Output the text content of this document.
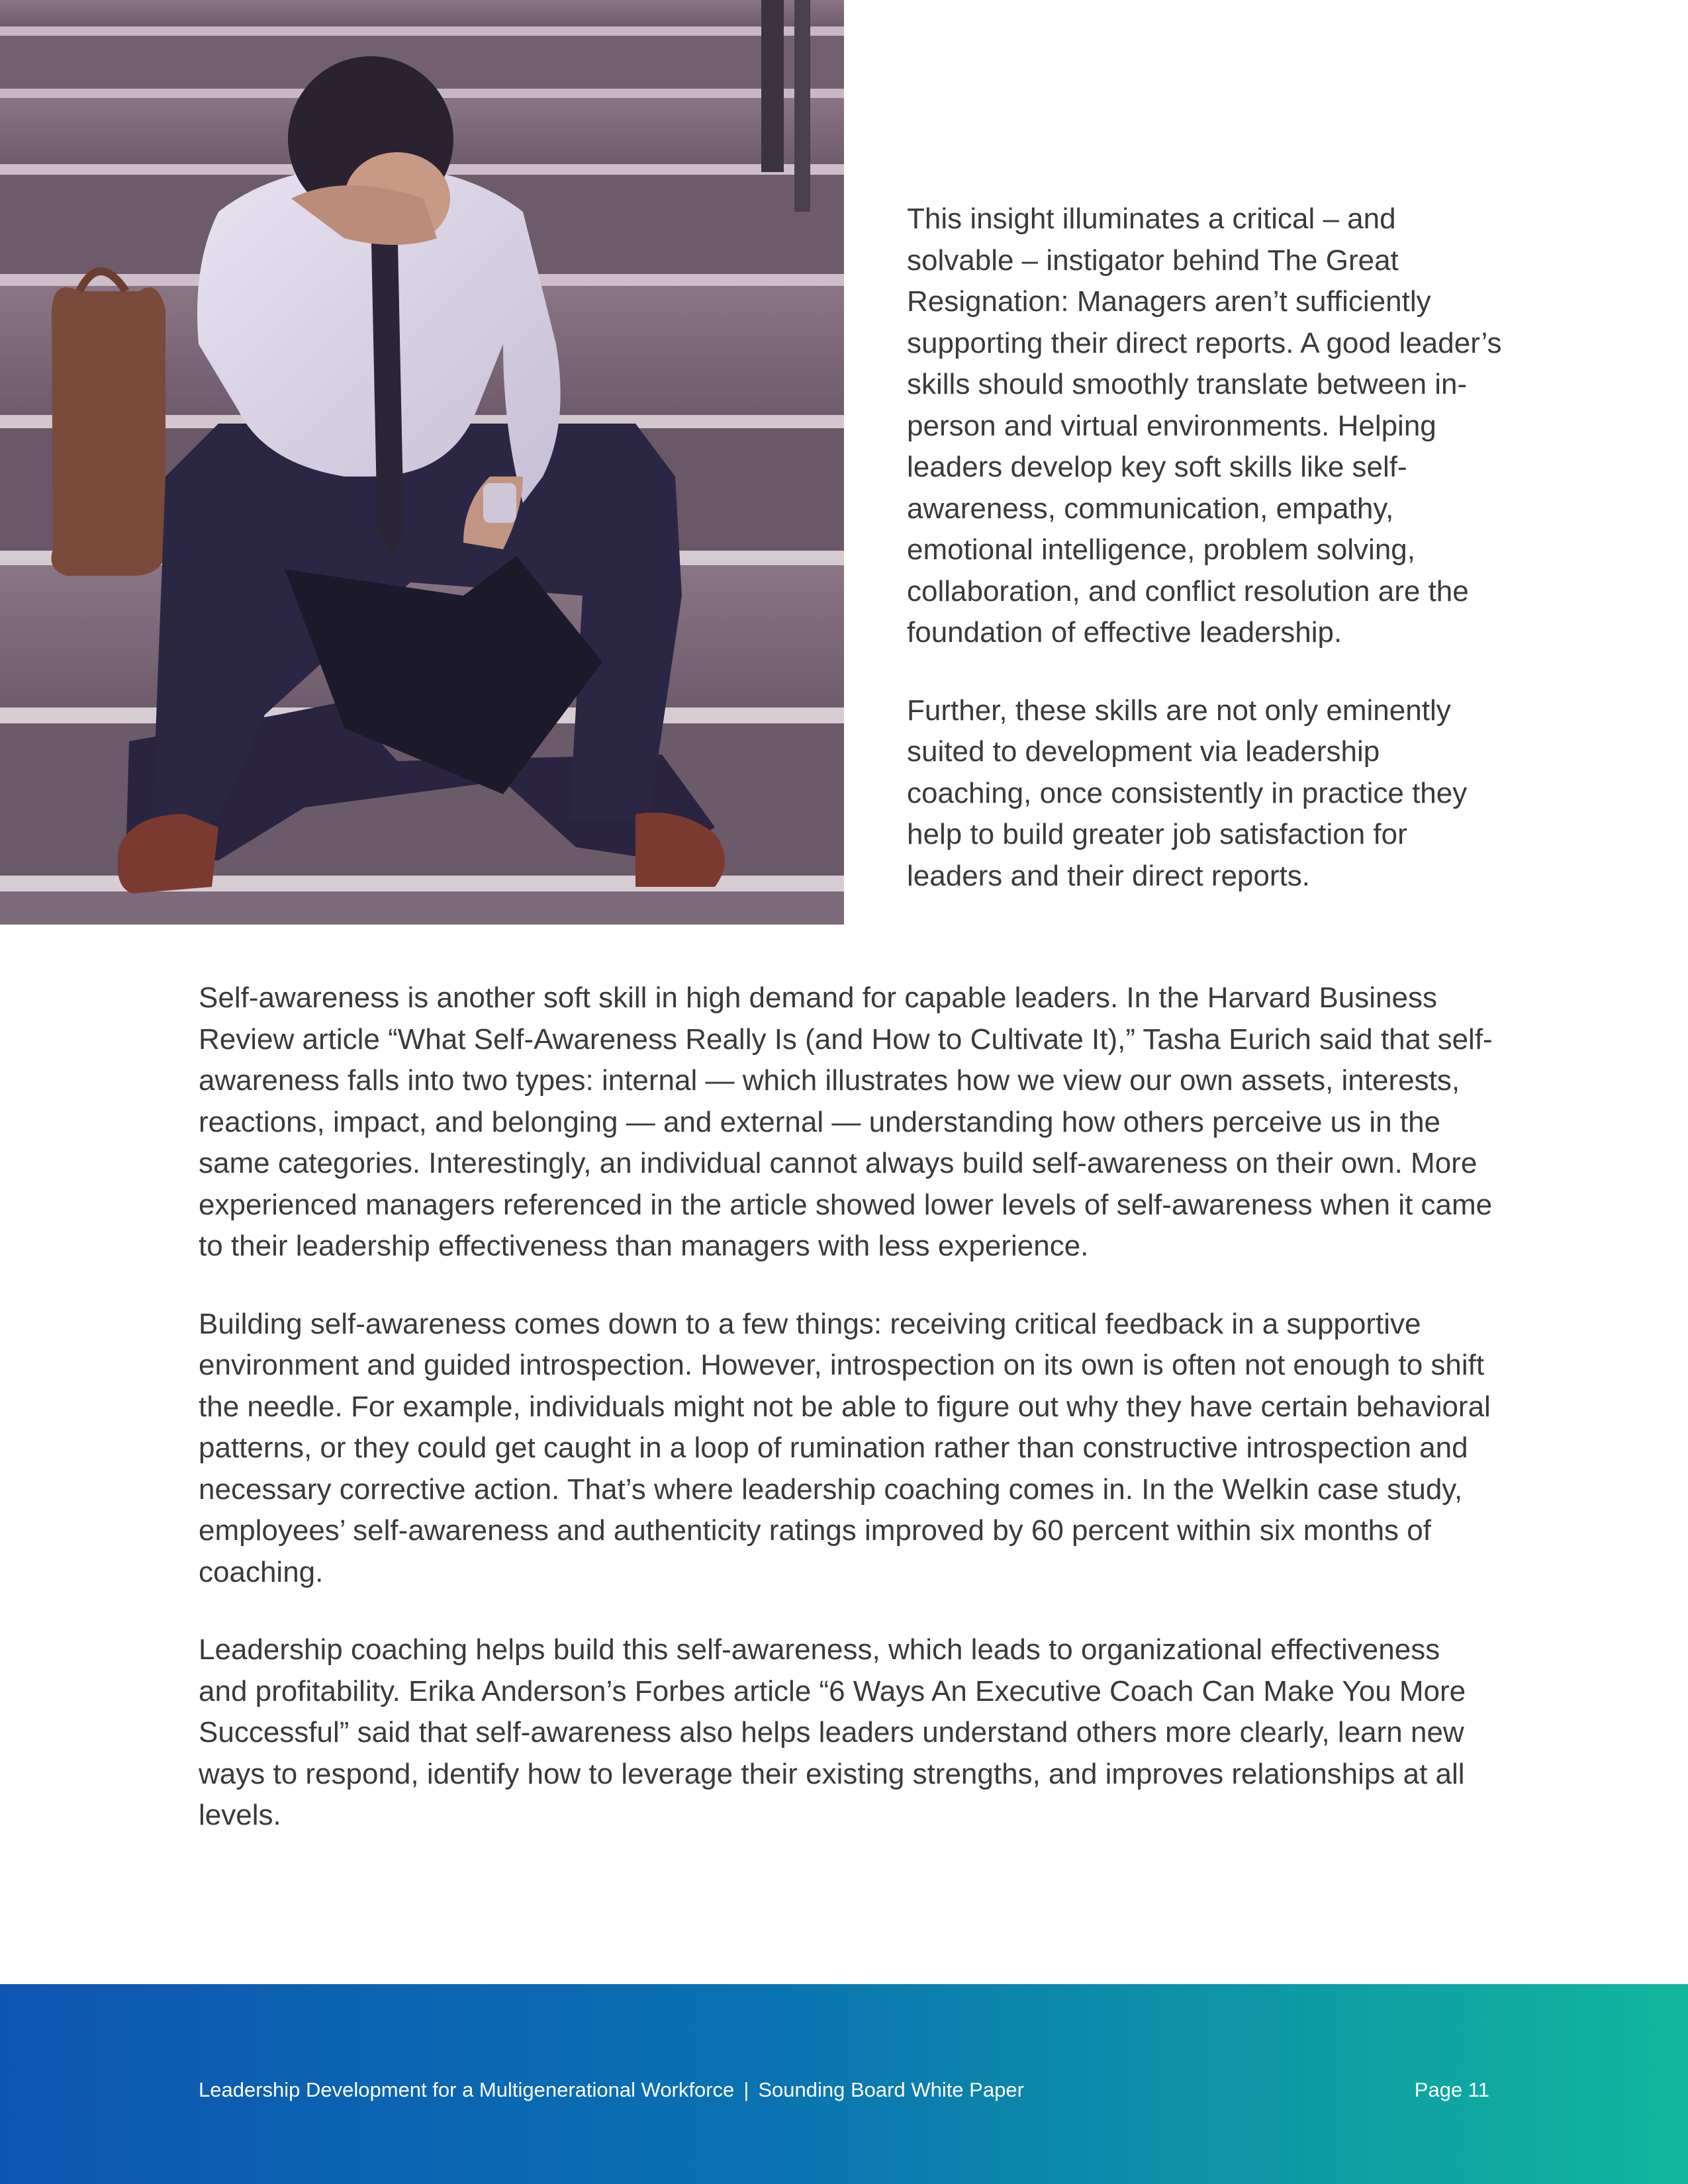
This insight illuminates a critical – and solvable – instigator behind The Great Resignation: Managers aren’t sufficiently supporting their direct reports. A good leader’s skills should smoothly translate between in-person and virtual environments. Helping leaders develop key soft skills like self-awareness, communication, empathy, emotional intelligence, problem solving, collaboration, and conflict resolution are the foundation of effective leadership.

Further, these skills are not only eminently suited to development via leadership coaching, once consistently in practice they help to build greater job satisfaction for leaders and their direct reports.

Self-awareness is another soft skill in high demand for capable leaders. In the Harvard Business Review article “What Self-Awareness Really Is (and How to Cultivate It),” Tasha Eurich said that self-awareness falls into two types: internal — which illustrates how we view our own assets, interests, reactions, impact, and belonging — and external — understanding how others perceive us in the same categories. Interestingly, an individual cannot always build self-awareness on their own. More experienced managers referenced in the article showed lower levels of self-awareness when it came to their leadership effectiveness than managers with less experience.

Building self-awareness comes down to a few things: receiving critical feedback in a supportive environment and guided introspection. However, introspection on its own is often not enough to shift the needle. For example, individuals might not be able to figure out why they have certain behavioral patterns, or they could get caught in a loop of rumination rather than constructive introspection and necessary corrective action. That’s where leadership coaching comes in. In the Welkin case study, employees’ self-awareness and authenticity ratings improved by 60 percent within six months of coaching.

Leadership coaching helps build this self-awareness, which leads to organizational effectiveness and profitability. Erika Anderson’s Forbes article “6 Ways An Executive Coach Can Make You More Successful” said that self-awareness also helps leaders understand others more clearly, learn new ways to respond, identify how to leverage their existing strengths, and improves relationships at all levels.

Leadership Development for a Multigenerational Workforce | Sounding Board White Paper	Page 11
